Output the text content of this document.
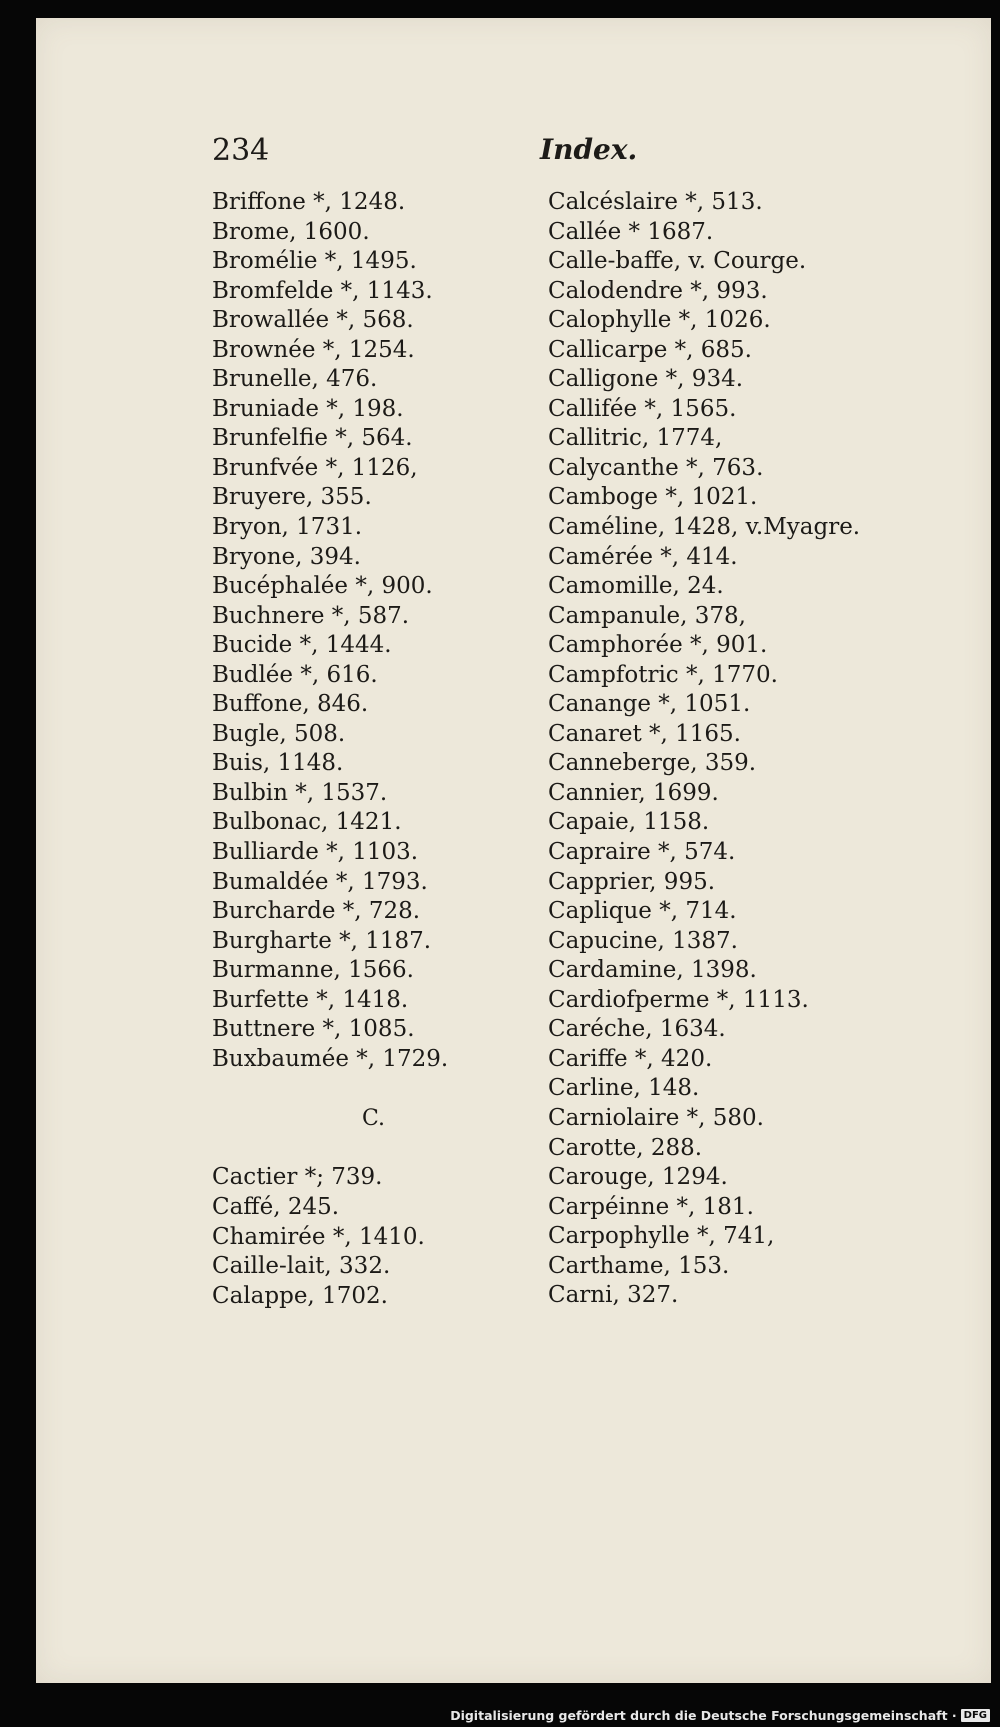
234	Index.
Briffone *, 1248.
Brome, 1600.
Bromélie *, 1495.
Bromfelde *, 1143.
Browallée *, 568.
Brownée *, 1254.
Brunelle, 476.
Bruniade *, 198.
Brunfelfie *, 564.
Brunfvée *, 1126,
Bruyere, 355.
Bryon, 1731.
Bryone, 394.
Bucéphalée *, 900.
Buchnere *, 587.
Bucide *, 1444.
Budlée *, 616.
Buffone, 846.
Bugle, 508.
Buis, 1148.
Bulbin *, 1537.
Bulbonac, 1421.
Bulliarde *, 1103.
Bumaldée *, 1793.
Burcharde *, 728.
Burgharte *, 1187.
Burmanne, 1566.
Burfette *, 1418.
Buttnere *, 1085.
Buxbaumée *, 1729.
C.
Cactier *; 739.
Caffé, 245.
Chamirée *, 1410.
Caille-lait, 332.
Calappe, 1702.
Calcéslaire *, 513.
Callée * 1687.
Calle-baffe, v. Courge.
Calodendre *, 993.
Calophylle *, 1026.
Callicarpe *, 685.
Calligone *, 934.
Callifée *, 1565.
Callitric, 1774,
Calycanthe *, 763.
Camboge *, 1021.
Caméline, 1428, v.Myagre.
Camérée *, 414.
Camomille, 24.
Campanule, 378,
Camphorée *, 901.
Campfotric *, 1770.
Canange *, 1051.
Canaret *, 1165.
Canneberge, 359.
Cannier, 1699.
Capaie, 1158.
Capraire *, 574.
Capprier, 995.
Caplique *, 714.
Capucine, 1387.
Cardamine, 1398.
Cardiofperme *, 1113.
Caréche, 1634.
Cariffe *, 420.
Carline, 148.
Carniolaire *, 580.
Carotte, 288.
Carouge, 1294.
Carpéinne *, 181.
Carpophylle *, 741,
Carthame, 153.
Carni, 327.
Digitalisierung gefördert durch die Deutsche Forschungsgemeinschaft · DFG
